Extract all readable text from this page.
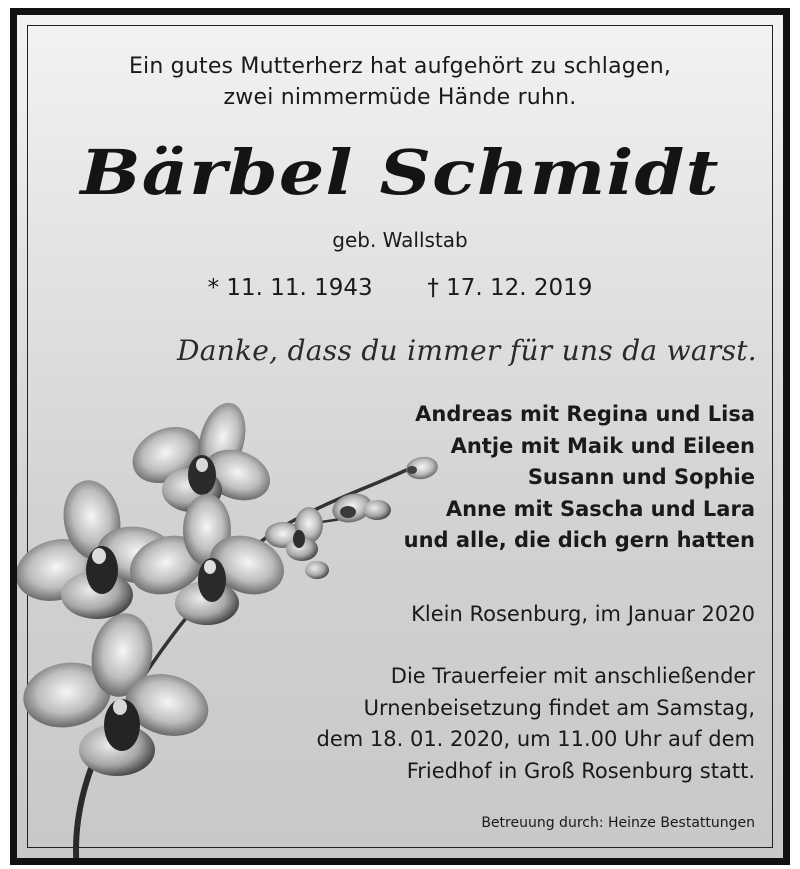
Ein gutes Mutterherz hat aufgehört zu schlagen,
zwei nimmermüde Hände ruhn.
Bärbel Schmidt
geb. Wallstab
* 11. 11. 1943 † 17. 12. 2019
Danke, dass du immer für uns da warst.
Andreas mit Regina und Lisa
Antje mit Maik und Eileen
Susann und Sophie
Anne mit Sascha und Lara
und alle, die dich gern hatten
Klein Rosenburg, im Januar 2020
Die Trauerfeier mit anschließender
Urnenbeisetzung findet am Samstag,
dem 18. 01. 2020, um 11.00 Uhr auf dem
Friedhof in Groß Rosenburg statt.
Betreuung durch: Heinze Bestattungen
